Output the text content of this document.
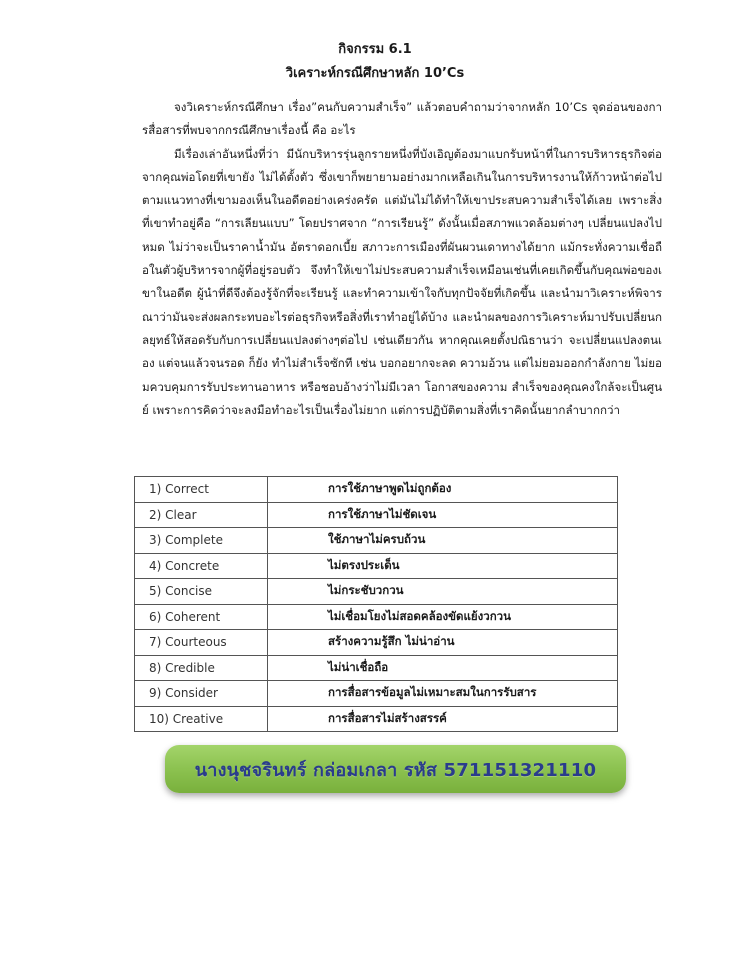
กิจกรรม 6.1
วิเคราะห์กรณีศึกษาหลัก 10’Cs

จงวิเคราะห์กรณีศึกษา เรื่อง”คนกับความสำเร็จ” แล้วตอบคำถามว่าจากหลัก 10’Cs จุดอ่อนของการสื่อสารที่พบจากกรณีศึกษาเรื่องนี้ คือ อะไร

มีเรื่องเล่าอันหนึ่งที่ว่า มีนักบริหารรุ่นลูกรายหนึ่งที่บังเอิญต้องมาแบกรับหน้าที่ในการบริหารธุรกิจต่อจากคุณพ่อโดยที่เขายัง ไม่ได้ตั้งตัว ซึ่งเขาก็พยายามอย่างมากเหลือเกินในการบริหารงานให้ก้าวหน้าต่อไปตามแนวทางที่เขามองเห็นในอดีตอย่างเคร่งครัด แต่มันไม่ได้ทำให้เขาประสบความสำเร็จได้เลย เพราะสิ่งที่เขาทำอยู่คือ “การเลียนแบบ” โดยปราศจาก “การเรียนรู้” ดังนั้นเมื่อสภาพแวดล้อมต่างๆ เปลี่ยนแปลงไปหมด ไม่ว่าจะเป็นราคาน้ำมัน อัตราดอกเบี้ย สภาวะการเมืองที่ผันผวนเดาทางได้ยาก แม้กระทั่งความเชื่อถือในตัวผู้บริหารจากผู้ที่อยู่รอบตัว จึงทำให้เขาไม่ประสบความสำเร็จเหมือนเช่นที่เคยเกิดขึ้นกับคุณพ่อของเขาในอดีต ผู้นำที่ดีจึงต้องรู้จักที่จะเรียนรู้ และทำความเข้าใจกับทุกปัจจัยที่เกิดขึ้น และนำมาวิเคราะห์พิจารณาว่ามันจะส่งผลกระทบอะไรต่อธุรกิจหรือสิ่งที่เราทำอยู่ได้บ้าง และนำผลของการวิเคราะห์มาปรับเปลี่ยนกลยุทธ์ให้สอดรับกับการเปลี่ยนแปลงต่างๆต่อไป เช่นเดียวกัน หากคุณเคยตั้งปณิธานว่า จะเปลี่ยนแปลงตนเอง แต่จนแล้วจนรอด ก็ยัง ทำไม่สำเร็จซักที เช่น บอกอยากจะลด ความอ้วน แต่ไม่ยอมออกกำลังกาย ไม่ยอมควบคุมการรับประทานอาหาร หรือชอบอ้างว่าไม่มีเวลา โอกาสของความ สำเร็จของคุณคงใกล้จะเป็นศูนย์ เพราะการคิดว่าจะลงมือทำอะไรเป็นเรื่องไม่ยาก แต่การปฏิบัติตามสิ่งที่เราคิดนั้นยากลำบากกว่า

1) Correct	การใช้ภาษาพูดไม่ถูกต้อง
2) Clear	การใช้ภาษาไม่ชัดเจน
3) Complete	ใช้ภาษาไม่ครบถ้วน
4) Concrete	ไม่ตรงประเด็น
5) Concise	ไม่กระชับวกวน
6) Coherent	ไม่เชื่อมโยงไม่สอดคล้องขัดแย้งวกวน
7) Courteous	สร้างความรู้สึก ไม่น่าอ่าน
8) Credible	ไม่น่าเชื่อถือ
9) Consider	การสื่อสารข้อมูลไม่เหมาะสมในการรับสาร
10) Creative	การสื่อสารไม่สร้างสรรค์
นางนุชจรินทร์ กล่อมเกลา รหัส 571151321110
